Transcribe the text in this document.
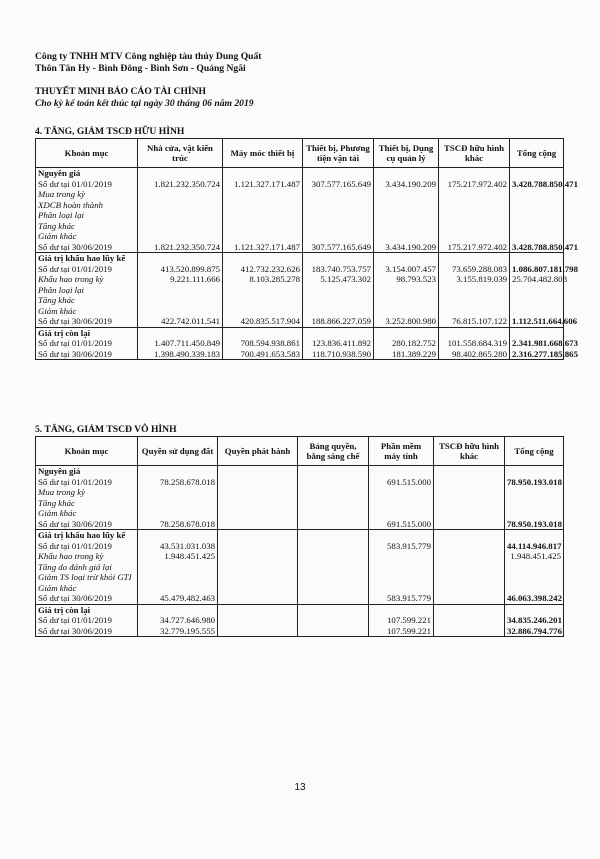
Công ty TNHH MTV Công nghiệp tàu thủy Dung Quất
Thôn Tân Hy - Bình Đông - Bình Sơn - Quảng Ngãi
THUYẾT MINH BÁO CÁO TÀI CHÍNH
Cho kỳ kế toán kết thúc tại ngày 30 tháng 06 năm 2019
4. TĂNG, GIẢM TSCĐ HỮU HÌNH
Khoản mục	Nhà cửa, vật kiến trúc	Máy móc thiết bị	Thiết bị, Phương tiện vận tải	Thiết bị, Dụng cụ quản lý	TSCĐ hữu hình khác	Tổng cộng
Nguyên giá						
Số dư tại 01/01/2019	1.821.232.350.724	1.121.327.171.487	307.577.165.649	3.434.190.209	175.217.972.402	3.428.788.850.471
Mua trong kỳ						
XDCB hoàn thành						
Phân loại lại						
Tăng khác						
Giảm khác						
Số dư tại 30/06/2019	1.821.232.350.724	1.121.327.171.487	307.577.165.649	3.434.190.209	175.217.972.402	3.428.788.850.471
Giá trị khấu hao lũy kế						
Số dư tại 01/01/2019	413.520.899.875	412.732.232.626	183.740.753.757	3.154.007.457	73.659.288.083	1.086.807.181.798
Khấu hao trong kỳ	9.221.111.666	8.103.285.278	5.125.473.302	98.793.523	3.155.819.039	25.704.482.808
Phân loại lại						
Tăng khác						
Giảm khác						
Số dư tại 30/06/2019	422.742.011.541	420.835.517.904	188.866.227.059	3.252.800.980	76.815.107.122	1.112.511.664.606
Giá trị còn lại						
Số dư tại 01/01/2019	1.407.711.450.849	708.594.938.861	123.836.411.892	280.182.752	101.558.684.319	2.341.981.668.673
Số dư tại 30/06/2019	1.398.490.339.183	700.491.653.583	118.710.938.590	181.389.229	98.402.865.280	2.316.277.185.865
5. TĂNG, GIẢM TSCĐ VÔ HÌNH
Khoản mục	Quyền sử dụng đất	Quyền phát hành	Bảng quyền, bằng sáng chế	Phần mềm máy tính	TSCĐ hữu hình khác	Tổng cộng
Nguyên giá						
Số dư tại 01/01/2019	78.258.678.018			691.515.000		78.950.193.018
Mua trong kỳ						
Tăng khác						
Giảm khác						
Số dư tại 30/06/2019	78.258.678.018			691.515.000		78.950.193.018
Giá trị khấu hao lũy kế						
Số dư tại 01/01/2019	43.531.031.038			583.915.779		44.114.946.817
Khấu hao trong kỳ	1.948.451.425					1.948.451.425
Tăng do đánh giá lại						
Giảm TS loại trừ khỏi GTI						
Giảm khác						
Số dư tại 30/06/2019	45.479.482.463			583.915.779		46.063.398.242
Giá trị còn lại						
Số dư tại 01/01/2019	34.727.646.980			107.599.221		34.835.246.201
Số dư tại 30/06/2019	32.779.195.555			107.599.221		32.886.794.776
13
